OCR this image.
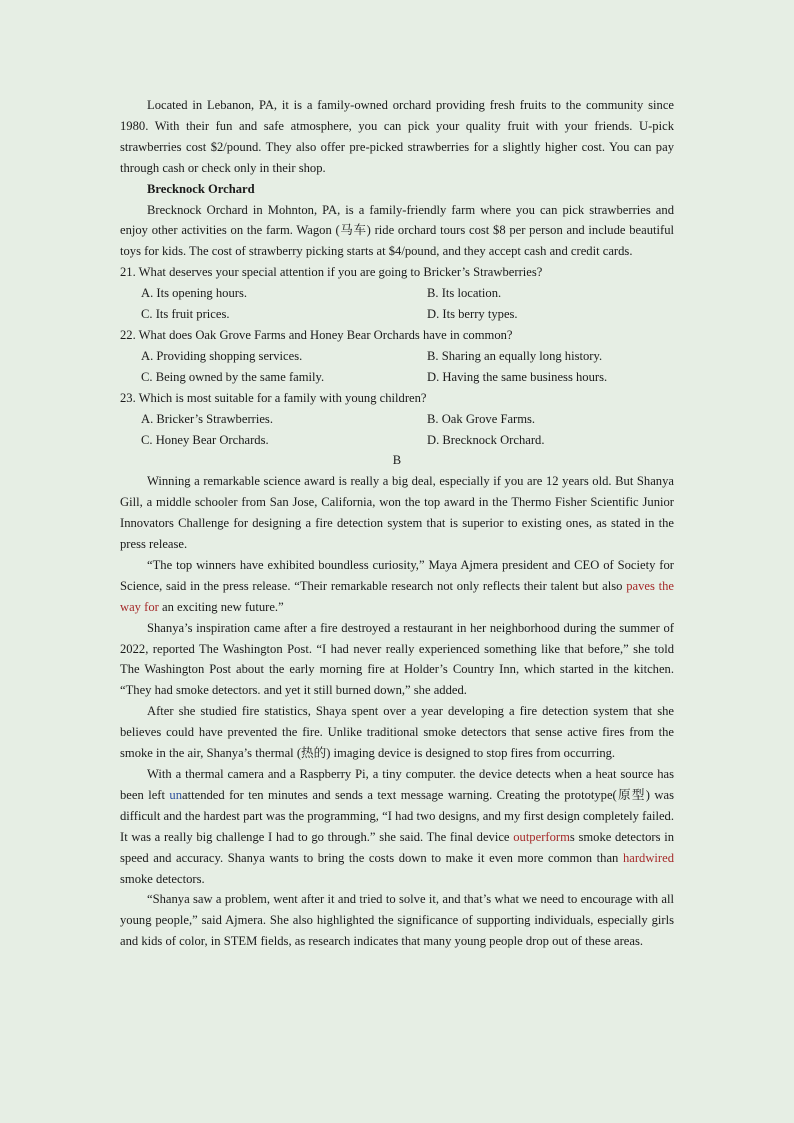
Located in Lebanon, PA, it is a family-owned orchard providing fresh fruits to the community since 1980. With their fun and safe atmosphere, you can pick your quality fruit with your friends. U-pick strawberries cost $2/pound. They also offer pre-picked strawberries for a slightly higher cost. You can pay through cash or check only in their shop.

Brecknock Orchard

Brecknock Orchard in Mohnton, PA, is a family-friendly farm where you can pick strawberries and enjoy other activities on the farm. Wagon (马车) ride orchard tours cost $8 per person and include beautiful toys for kids. The cost of strawberry picking starts at $4/pound, and they accept cash and credit cards.

21. What deserves your special attention if you are going to Bricker’s Strawberries?

A. Its opening hours.	B. Its location.
C. Its fruit prices.	D. Its berry types.

22. What does Oak Grove Farms and Honey Bear Orchards have in common?

A. Providing shopping services.	B. Sharing an equally long history.
C. Being owned by the same family.	D. Having the same business hours.

23. Which is most suitable for a family with young children?

A. Bricker’s Strawberries.	B. Oak Grove Farms.
C. Honey Bear Orchards.	D. Brecknock Orchard.

B

Winning a remarkable science award is really a big deal, especially if you are 12 years old. But Shanya Gill, a middle schooler from San Jose, California, won the top award in the Thermo Fisher Scientific Junior Innovators Challenge for designing a fire detection system that is superior to existing ones, as stated in the press release.

“The top winners have exhibited boundless curiosity,” Maya Ajmera president and CEO of Society for Science, said in the press release. “Their remarkable research not only reflects their talent but also paves the way for an exciting new future.”

Shanya’s inspiration came after a fire destroyed a restaurant in her neighborhood during the summer of 2022, reported The Washington Post. “I had never really experienced something like that before,” she told The Washington Post about the early morning fire at Holder’s Country Inn, which started in the kitchen. “They had smoke detectors. and yet it still burned down,” she added.

After she studied fire statistics, Shaya spent over a year developing a fire detection system that she believes could have prevented the fire. Unlike traditional smoke detectors that sense active fires from the smoke in the air, Shanya’s thermal (热的) imaging device is designed to stop fires from occurring.

With a thermal camera and a Raspberry Pi, a tiny computer. the device detects when a heat source has been left unattended for ten minutes and sends a text message warning. Creating the prototype(原型) was difficult and the hardest part was the programming, “I had two designs, and my first design completely failed. It was a really big challenge I had to go through.” she said. The final device outperforms smoke detectors in speed and accuracy. Shanya wants to bring the costs down to make it even more common than hardwired smoke detectors.

“Shanya saw a problem, went after it and tried to solve it, and that’s what we need to encourage with all young people,” said Ajmera. She also highlighted the significance of supporting individuals, especially girls and kids of color, in STEM fields, as research indicates that many young people drop out of these areas.
